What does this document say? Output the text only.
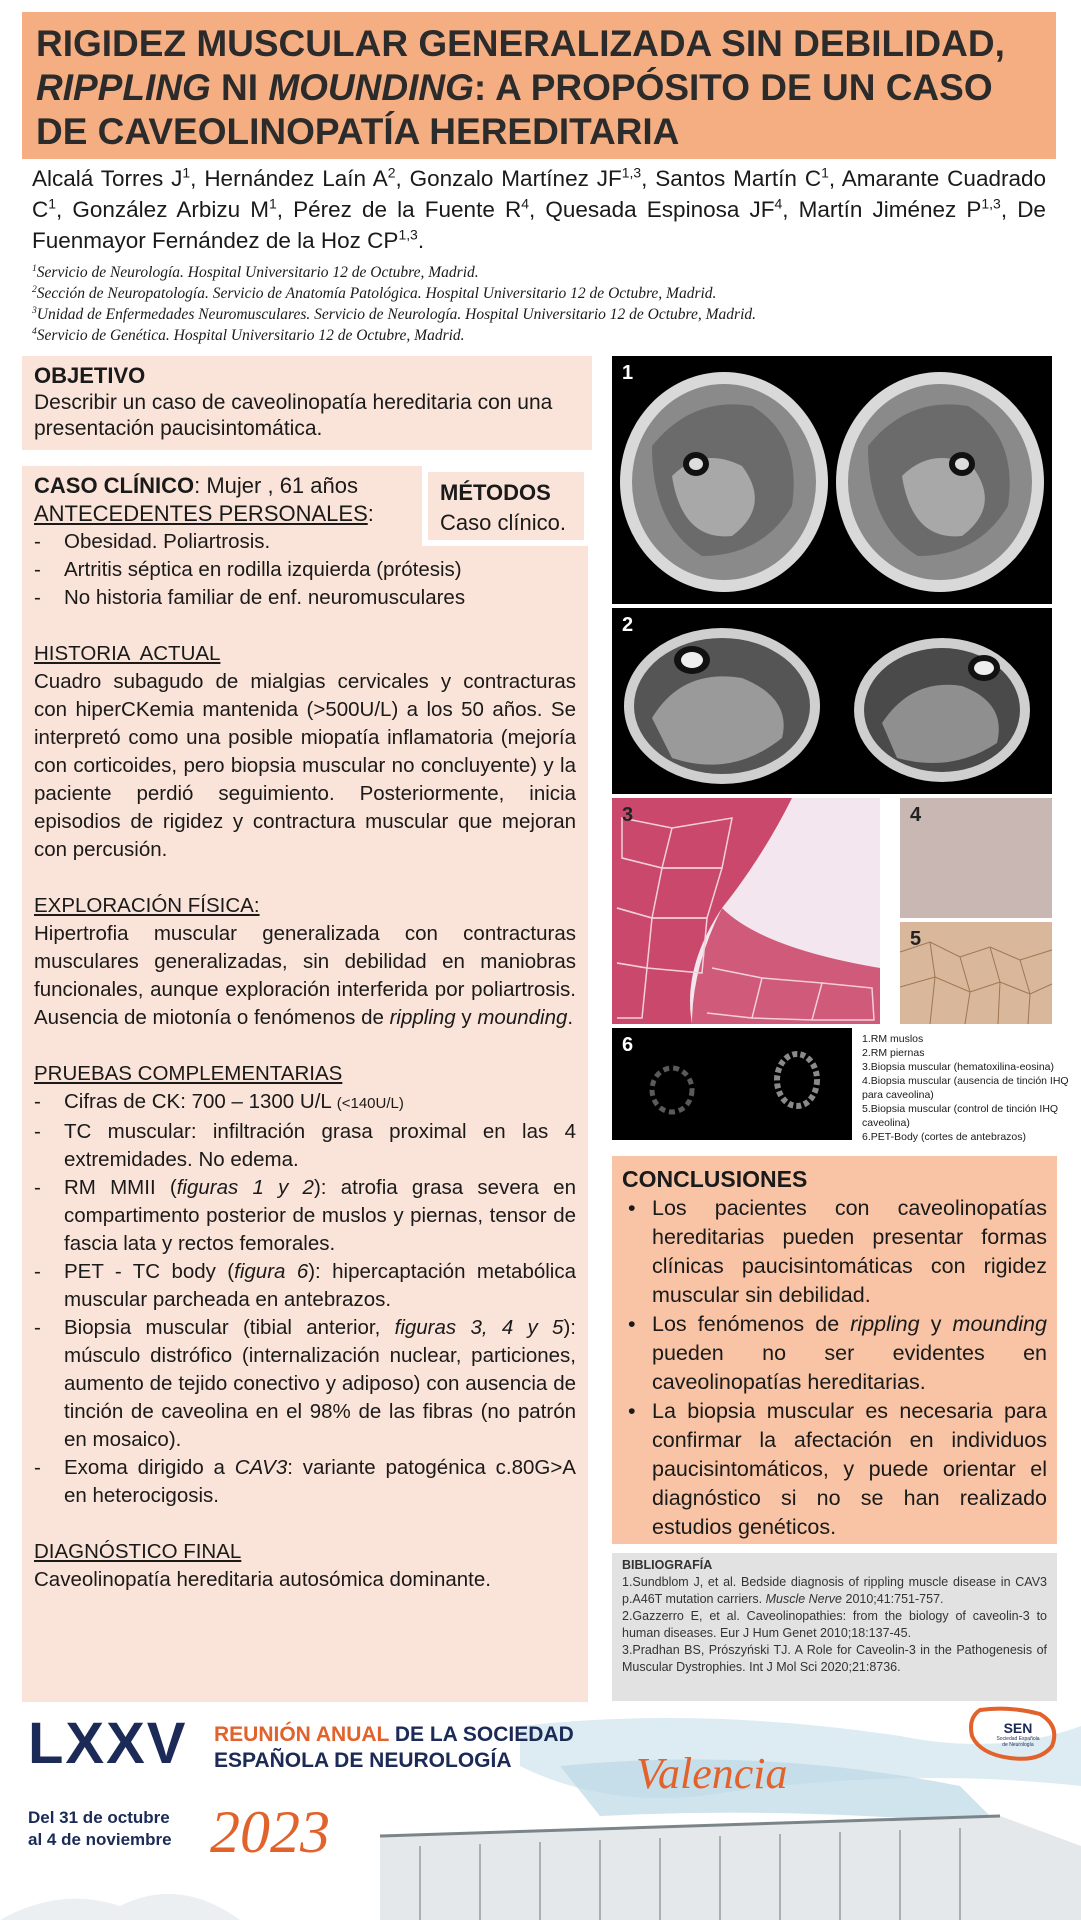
RIGIDEZ MUSCULAR GENERALIZADA SIN DEBILIDAD,
RIPPLING NI MOUNDING: A PROPÓSITO DE UN CASO
DE CAVEOLINOPATÍA HEREDITARIA
Alcalá Torres $J^1$, Hernández Laín $A^2$, Gonzalo Martínez JF$^{1,3}$, Santos Martín $C^1$, Amarante Cuadrado $C^1$, González Arbizu $M^1$, Pérez de la Fuente $R^4$, Quesada Espinosa $JF^4$, Martín Jiménez P$^{1,3}$, De Fuenmayor Fernández de la Hoz CP$^{1,3}$.
$^1$Servicio de Neurología. Hospital Universitario 12 de Octubre, Madrid.
$^2$Sección de Neuropatología. Servicio de Anatomía Patológica. Hospital Universitario 12 de Octubre, Madrid.
$^3$Unidad de Enfermedades Neuromusculares. Servicio de Neurología. Hospital Universitario 12 de Octubre, Madrid.
$^4$Servicio de Genética. Hospital Universitario 12 de Octubre, Madrid.
OBJETIVO
Describir un caso de caveolinopatía hereditaria con una presentación paucisintomática.
CASO CLÍNICO: Mujer , 61 años
ANTECEDENTES PERSONALES:
- Obesidad. Poliartrosis.
- Artritis séptica en rodilla izquierda (prótesis)
- No historia familiar de enf. neuromusculares
HISTORIA  ACTUAL
Cuadro subagudo de mialgias cervicales y contracturas con hiperCKemia mantenida (>500U/L) a los 50 años. Se interpretó como una posible miopatía inflamatoria (mejoría con corticoides, pero biopsia muscular no concluyente) y la paciente perdió seguimiento. Posteriormente, inicia episodios de rigidez y contractura muscular que mejoran con percusión.
EXPLORACIÓN FÍSICA:
Hipertrofia muscular generalizada con contracturas musculares generalizadas, sin debilidad en maniobras funcionales, aunque exploración interferida por poliartrosis. Ausencia de miotonía o fenómenos de rippling y mounding.
PRUEBAS COMPLEMENTARIAS
- Cifras de CK: 700 – 1300 U/L (<140U/L)
- TC muscular: infiltración grasa proximal en las 4 extremidades. No edema.
- RM MMII (figuras 1 y 2): atrofia grasa severa en compartimento posterior de muslos y piernas, tensor de fascia lata y rectos femorales.
- PET - TC body (figura 6): hipercaptación metabólica muscular parcheada en antebrazos.
- Biopsia muscular (tibial anterior, figuras 3, 4 y 5): músculo distrófico (internalización nuclear, particiones, aumento de tejido conectivo y adiposo) con ausencia de tinción de caveolina en el 98% de las fibras (no patrón en mosaico).
- Exoma dirigido a CAV3: variante patogénica c.80G>A en heterocigosis.
DIAGNÓSTICO FINAL
Caveolinopatía hereditaria autosómica dominante.
MÉTODOS
Caso clínico.
1
2
3	4
5
6	1.RM muslos
2.RM piernas
3.Biopsia muscular (hematoxilina-eosina)
4.Biopsia muscular (ausencia de tinción IHQ para caveolina)
5.Biopsia muscular (control de tinción IHQ caveolina)
6.PET-Body (cortes de antebrazos)
CONCLUSIONES
• Los pacientes con caveolinopatías hereditarias pueden presentar formas clínicas paucisintomáticas con rigidez muscular sin debilidad.
• Los fenómenos de rippling y mounding pueden no ser evidentes en caveolinopatías hereditarias.
• La biopsia muscular es necesaria para confirmar la afectación en individuos paucisintomáticos, y puede orientar el diagnóstico si no se han realizado estudios genéticos.
BIBLIOGRAFÍA
1.Sundblom J, et al. Bedside diagnosis of rippling muscle disease in CAV3 p.A46T mutation carriers. Muscle Nerve 2010;41:751-757.
2.Gazzerro E, et al. Caveolinopathies: from the biology of caveolin-3 to human diseases. Eur J Hum Genet 2010;18:137-45.
3.Pradhan BS, Prószyński TJ. A Role for Caveolin-3 in the Pathogenesis of Muscular Dystrophies. Int J Mol Sci 2020;21:8736.
LXXV REUNIÓN ANUAL DE LA SOCIEDAD
ESPAÑOLA DE NEUROLOGÍA
Del 31 de octubre
al 4 de noviembre 2023
Valencia
SEN
Sociedad Española
de Neurología
